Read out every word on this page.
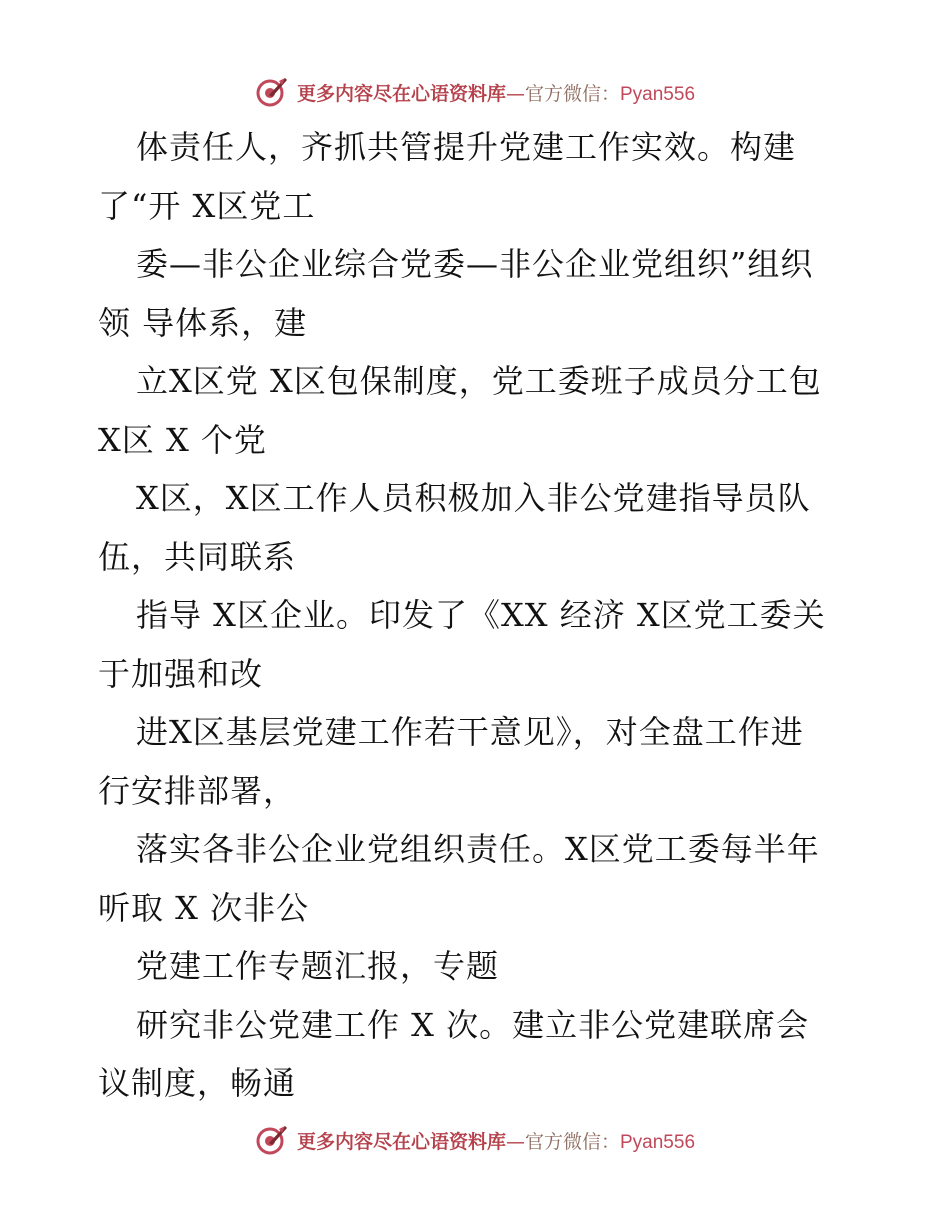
更多内容尽在心语资料库—官方微信：Pyan556
体责任人，齐抓共管提升党建工作实效。构建
了“开 X区党工
委—非公企业综合党委—非公企业党组织”组织
领 导体系，建
立X区党 X区包保制度，党工委班子成员分工包
X区 X 个党
X区，X区工作人员积极加入非公党建指导员队
伍，共同联系
指导 X区企业。印发了《XX 经济 X区党工委关
于加强和改
进X区基层党建工作若干意见》，对全盘工作进
行安排部署，
落实各非公企业党组织责任。X区党工委每半年
听取 X 次非公
党建工作专题汇报，专题
研究非公党建工作 X 次。建立非公党建联席会
议制度，畅通
更多内容尽在心语资料库—官方微信：Pyan556
